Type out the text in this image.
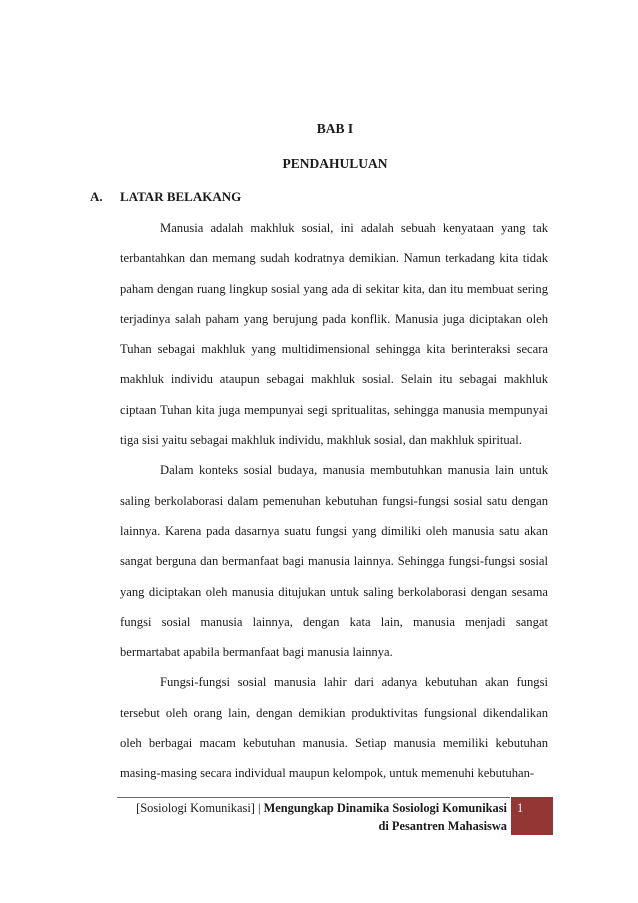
BAB I
PENDAHULUAN
A. LATAR BELAKANG

Manusia adalah makhluk sosial, ini adalah sebuah kenyataan yang tak terbantahkan dan memang sudah kodratnya demikian. Namun terkadang kita tidak paham dengan ruang lingkup sosial yang ada di sekitar kita, dan itu membuat sering terjadinya salah paham yang berujung pada konflik. Manusia juga diciptakan oleh Tuhan sebagai makhluk yang multidimensional sehingga kita berinteraksi secara makhluk individu ataupun sebagai makhluk sosial. Selain itu sebagai makhluk ciptaan Tuhan kita juga mempunyai segi spritualitas, sehingga manusia mempunyai tiga sisi yaitu sebagai makhluk individu, makhluk sosial, dan makhluk spiritual.

Dalam konteks sosial budaya, manusia membutuhkan manusia lain untuk saling berkolaborasi dalam pemenuhan kebutuhan fungsi-fungsi sosial satu dengan lainnya. Karena pada dasarnya suatu fungsi yang dimiliki oleh manusia satu akan sangat berguna dan bermanfaat bagi manusia lainnya. Sehingga fungsi-fungsi sosial yang diciptakan oleh manusia ditujukan untuk saling berkolaborasi dengan sesama fungsi sosial manusia lainnya, dengan kata lain, manusia menjadi sangat bermartabat apabila bermanfaat bagi manusia lainnya.

Fungsi-fungsi sosial manusia lahir dari adanya kebutuhan akan fungsi tersebut oleh orang lain, dengan demikian produktivitas fungsional dikendalikan oleh berbagai macam kebutuhan manusia. Setiap manusia memiliki kebutuhan masing-masing secara individual maupun kelompok, untuk memenuhi kebutuhan-

[Sosiologi Komunikasi] | Mengungkap Dinamika Sosiologi Komunikasi
di Pesantren Mahasiswa
1
